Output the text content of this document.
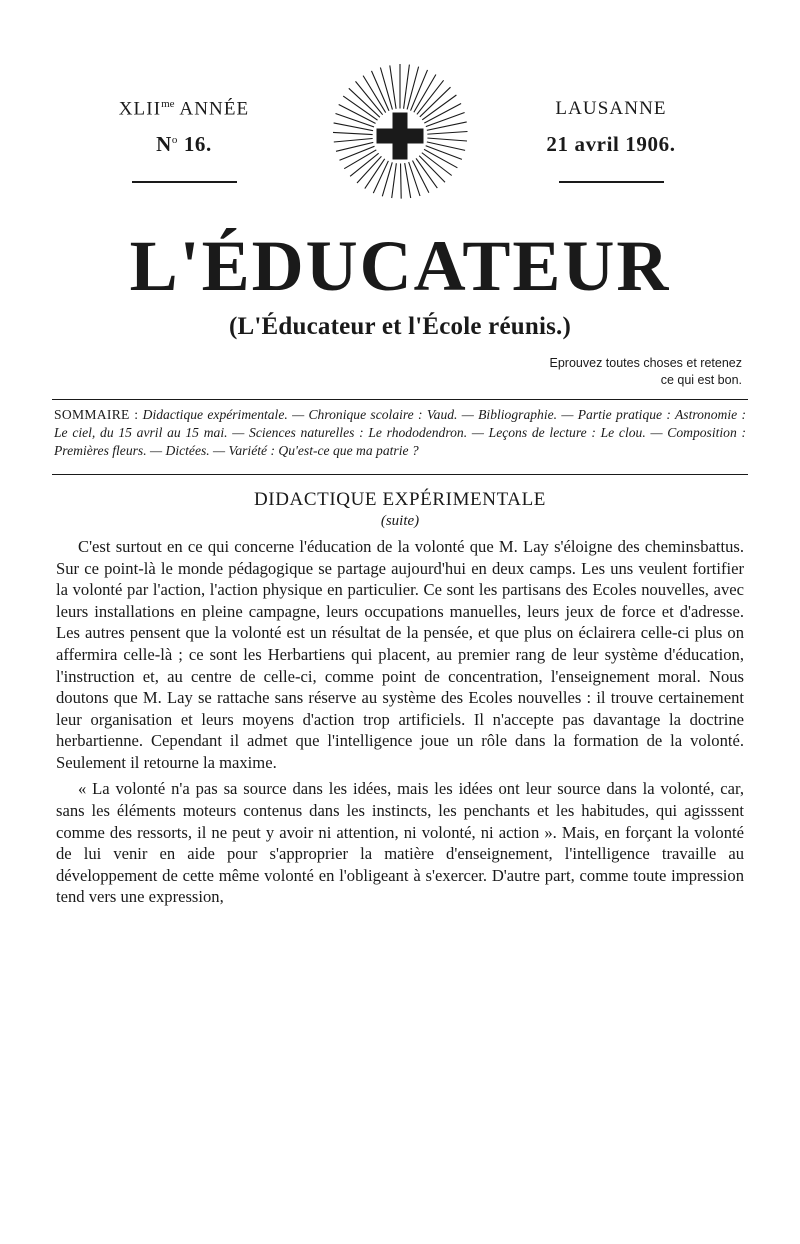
$XLII^{me}$ ANNÉE
$N^o$ 16.
LAUSANNE
21 avril 1906.
L'ÉDUCATEUR
(L'Éducateur et l'École réunis.)
Eprouvez toutes choses et retenez
ce qui est bon.
SOMMAIRE : Didactique expérimentale. — Chronique scolaire : Vaud. — Bibliographie. — Partie pratique : Astronomie : Le ciel, du 15 avril au 15 mai. — Sciences naturelles : Le rhododendron. — Leçons de lecture : Le clou. — Composition : Premières fleurs. — Dictées. — Variété : Qu'est-ce que ma patrie ?
DIDACTIQUE EXPÉRIMENTALE
(suite)

C'est surtout en ce qui concerne l'éducation de la volonté que M. Lay s'éloigne des cheminsbattus. Sur ce point-là le monde pédagogique se partage aujourd'hui en deux camps. Les uns veulent fortifier la volonté par l'action, l'action physique en particulier. Ce sont les partisans des Ecoles nouvelles, avec leurs installations en pleine campagne, leurs occupations manuelles, leurs jeux de force et d'adresse. Les autres pensent que la volonté est un résultat de la pensée, et que plus on éclairera celle-ci plus on affermira celle-là ; ce sont les Herbartiens qui placent, au premier rang de leur système d'éducation, l'instruction et, au centre de celle-ci, comme point de concentration, l'enseignement moral. Nous doutons que M. Lay se rattache sans réserve au système des Ecoles nouvelles : il trouve certainement leur organisation et leurs moyens d'action trop artificiels. Il n'accepte pas davantage la doctrine herbartienne. Cependant il admet que l'intelligence joue un rôle dans la formation de la volonté. Seulement il retourne la maxime.

« La volonté n'a pas sa source dans les idées, mais les idées ont leur source dans la volonté, car, sans les éléments moteurs contenus dans les instincts, les penchants et les habitudes, qui agisssent comme des ressorts, il ne peut y avoir ni attention, ni volonté, ni action ». Mais, en forçant la volonté de lui venir en aide pour s'approprier la matière d'enseignement, l'intelligence travaille au développement de cette même volonté en l'obligeant à s'exercer. D'autre part, comme toute impression tend vers une expression,
